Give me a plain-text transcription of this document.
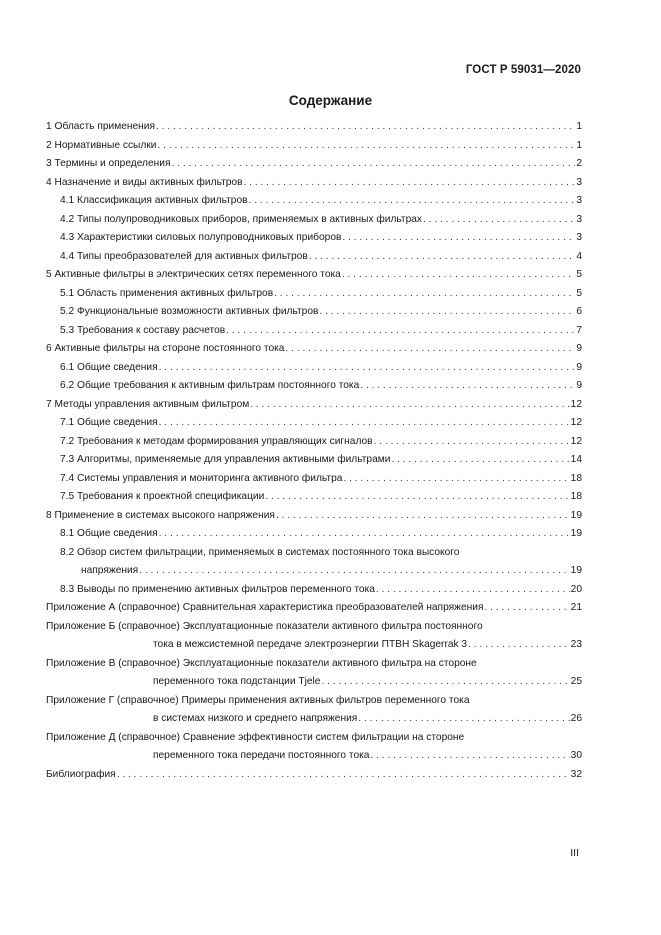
ГОСТ Р 59031—2020
Содержание
1 Область применения . . .	1
2 Нормативные ссылки . . .	1
3 Термины и определения . . .	2
4 Назначение и виды активных фильтров . . .	3
4.1 Классификация активных фильтров . . .	3
4.2 Типы полупроводниковых приборов, применяемых в активных фильтрах . . .	3
4.3 Характеристики силовых полупроводниковых приборов . . .	3
4.4 Типы преобразователей для активных фильтров . . .	4
5 Активные фильтры в электрических сетях переменного тока . . .	5
5.1 Область применения активных фильтров . . .	5
5.2 Функциональные возможности активных фильтров . . .	6
5.3 Требования к составу расчетов . . .	7
6 Активные фильтры на стороне постоянного тока . . .	9
6.1 Общие сведения . . .	9
6.2 Общие требования к активным фильтрам постоянного тока . . .	9
7 Методы управления активным фильтром . . .	12
7.1 Общие сведения . . .	12
7.2 Требования к методам формирования управляющих сигналов . . .	12
7.3 Алгоритмы, применяемые для управления активными фильтрами . . .	14
7.4 Системы управления и мониторинга активного фильтра . . .	18
7.5 Требования к проектной спецификации . . .	18
8 Применение в системах высокого напряжения . . .	19
8.1 Общие сведения . . .	19
8.2 Обзор систем фильтрации, применяемых в системах постоянного тока высокого
напряжения . . .	19
8.3 Выводы по применению активных фильтров переменного тока . . .	20
Приложение А (справочное) Сравнительная характеристика преобразователей напряжения . . .	21
Приложение Б (справочное) Эксплуатационные показатели активного фильтра постоянного
тока в межсистемной передаче электроэнергии ПТВН Skagerrak 3 . . .	23
Приложение В (справочное) Эксплуатационные показатели активного фильтра на стороне
переменного тока подстанции Tjele . . .	25
Приложение Г (справочное) Примеры применения активных фильтров переменного тока
в системах низкого и среднего напряжения . . .	26
Приложение Д (справочное) Сравнение эффективности систем фильтрации на стороне
переменного тока передачи постоянного тока . . .	30
Библиография . . .	32
III
